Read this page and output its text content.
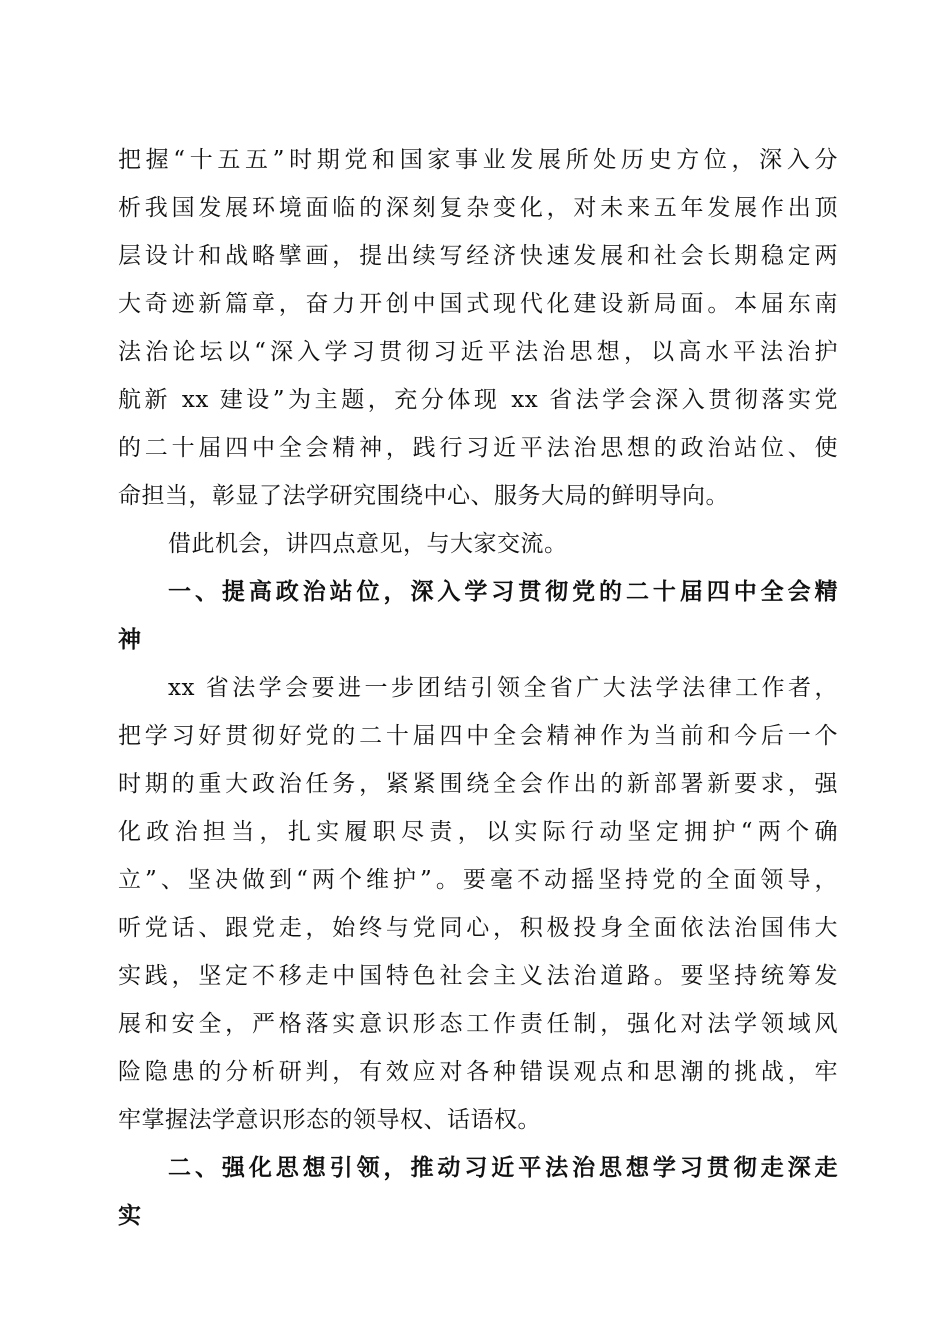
把握“十五五”时期党和国家事业发展所处历史方位，深入分
析我国发展环境面临的深刻复杂变化，对未来五年发展作出顶
层设计和战略擘画，提出续写经济快速发展和社会长期稳定两
大奇迹新篇章，奋力开创中国式现代化建设新局面。本届东南
法治论坛以“深入学习贯彻习近平法治思想，以高水平法治护
航新 xx 建设”为主题，充分体现 xx 省法学会深入贯彻落实党
的二十届四中全会精神，践行习近平法治思想的政治站位、使
命担当，彰显了法学研究围绕中心、服务大局的鲜明导向。
借此机会，讲四点意见，与大家交流。
一、提高政治站位，深入学习贯彻党的二十届四中全会精
神
xx 省法学会要进一步团结引领全省广大法学法律工作者，
把学习好贯彻好党的二十届四中全会精神作为当前和今后一个
时期的重大政治任务，紧紧围绕全会作出的新部署新要求，强
化政治担当，扎实履职尽责，以实际行动坚定拥护“两个确
立”、坚决做到“两个维护”。要毫不动摇坚持党的全面领导，
听党话、跟党走，始终与党同心，积极投身全面依法治国伟大
实践，坚定不移走中国特色社会主义法治道路。要坚持统筹发
展和安全，严格落实意识形态工作责任制，强化对法学领域风
险隐患的分析研判，有效应对各种错误观点和思潮的挑战，牢
牢掌握法学意识形态的领导权、话语权。
二、强化思想引领，推动习近平法治思想学习贯彻走深走
实
